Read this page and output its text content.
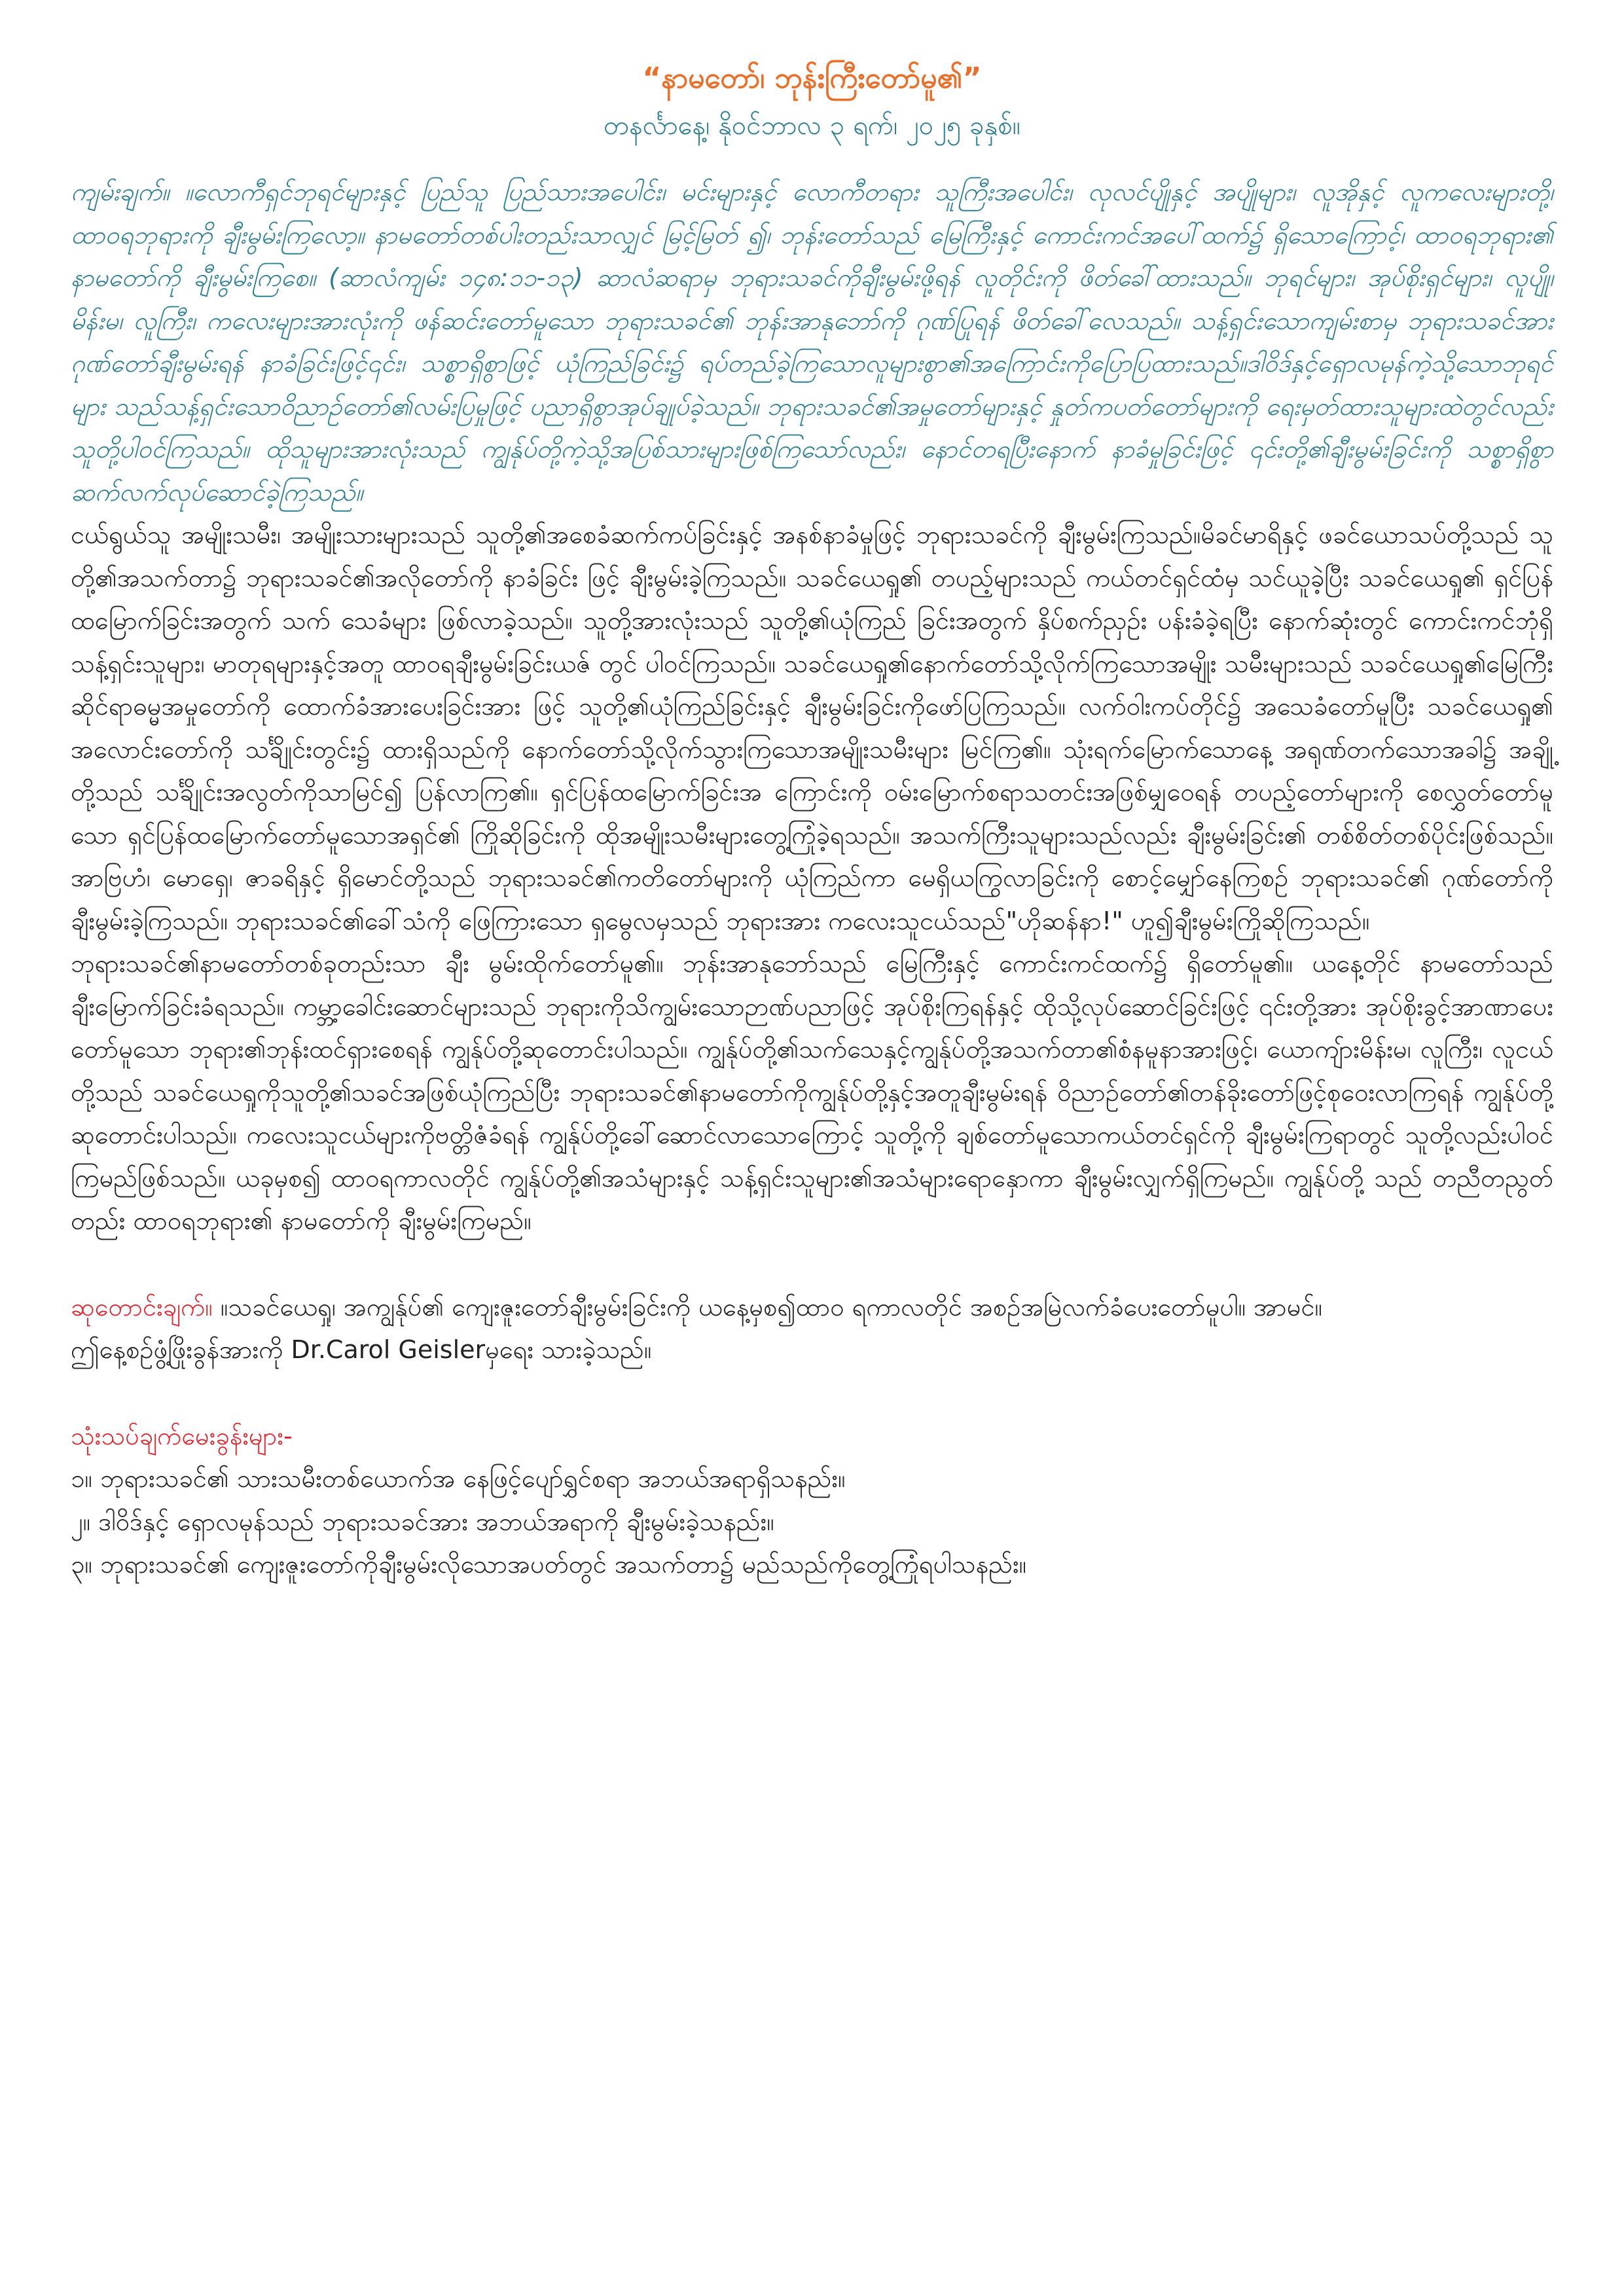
“နာမတော်၊ ဘုန်းကြီးတော်မူ၏”
တနင်္လာနေ့၊ နိုဝင်ဘာလ ၃ ရက်၊ ၂၀၂၅ ခုနှစ်။

ကျမ်းချက်။ ။လောကီရှင်ဘုရင်များနှင့် ပြည်သူ ပြည်သားအပေါင်း၊ မင်းများနှင့် လောကီတရား သူကြီးအပေါင်း၊ လုလင်ပျိုနှင့် အပျိုများ၊ လူအိုနှင့် လူကလေးများတို့၊ ထာဝရဘုရားကို ချီးမွမ်းကြလော့။ နာမတော်တစ်ပါးတည်းသာလျှင် မြင့်မြတ် ၍၊ ဘုန်းတော်သည် မြေကြီးနှင့် ကောင်းကင်အပေါ်ထက်၌ ရှိသောကြောင့်၊ ထာဝရဘုရား၏ နာမတော်ကို ချီးမွမ်းကြစေ။ (ဆာလံကျမ်း ၁၄၈:၁၁-၁၃) ဆာလံဆရာမှ ဘုရားသခင်ကိုချီးမွမ်းဖို့ရန် လူတိုင်းကို ဖိတ်ခေါ်ထားသည်။ ဘုရင်များ၊ အုပ်စိုးရှင်များ၊ လူပျို၊ မိန်းမ၊ လူကြီး၊ ကလေးများအားလုံးကို ဖန်ဆင်းတော်မူသော ဘုရားသခင်၏ ဘုန်းအာနုဘော်ကို ဂုဏ်ပြုရန် ဖိတ်ခေါ်လေသည်။ သန့်ရှင်းသောကျမ်းစာမှ ဘုရားသခင်အား ဂုဏ်တော်ချီးမွမ်းရန် နာခံခြင်းဖြင့်၎င်း၊ သစ္စာရှိစွာဖြင့် ယုံကြည်ခြင်း၌ ရပ်တည်ခဲ့ကြသောလူများစွာ၏အကြောင်းကိုပြောပြထားသည်။ဒါဝိဒ်နှင့်ရှောလမုန်ကဲ့သို့သောဘုရင်များ သည်သန့်ရှင်းသောဝိညာဉ်တော်၏လမ်းပြမှုဖြင့် ပညာရှိစွာအုပ်ချုပ်ခဲ့သည်။ ဘုရားသခင်၏အမှုတော်များနှင့် နှုတ်ကပတ်တော်များကို ရေးမှတ်ထားသူများထဲတွင်လည်းသူတို့ပါဝင်ကြသည်။ ထိုသူများအားလုံးသည် ကျွန်ုပ်တို့ကဲ့သို့အပြစ်သားများဖြစ်ကြသော်လည်း၊ နောင်တရပြီးနောက် နာခံမှုခြင်းဖြင့် ၎င်းတို့၏ချီးမွမ်းခြင်းကို သစ္စာရှိစွာ ဆက်လက်လုပ်ဆောင်ခဲ့ကြသည်။

ငယ်ရွယ်သူ အမျိုးသမီး၊ အမျိုးသားများသည် သူတို့၏အစေခံဆက်ကပ်ခြင်းနှင့် အနစ်နာခံမှုဖြင့် ဘုရားသခင်ကို ချီးမွမ်းကြသည်။မိခင်မာရိနှင့် ဖခင်ယောသပ်တို့သည် သူတို့၏အသက်တာ၌ ဘုရားသခင်၏အလိုတော်ကို နာခံခြင်း ဖြင့် ချီးမွမ်းခဲ့ကြသည်။ သခင်ယေရှု၏ တပည့်များသည် ကယ်တင်ရှင်ထံမှ သင်ယူခဲ့ပြီး သခင်ယေရှု၏ ရှင်ပြန်ထမြောက်ခြင်းအတွက် သက် သေခံများ ဖြစ်လာခဲ့သည်။ သူတို့အားလုံးသည် သူတို့၏ယုံကြည် ခြင်းအတွက် နှိပ်စက်ညှဉ်း ပန်းခံခဲ့ရပြီး နောက်ဆုံးတွင် ကောင်းကင်ဘုံရှိ သန့်ရှင်းသူများ၊ မာတုရများနှင့်အတူ ထာဝရချီးမွမ်းခြင်းယဇ် တွင် ပါဝင်ကြသည်။ သခင်ယေရှု၏နောက်တော်သို့လိုက်ကြသောအမျိုး သမီးများသည် သခင်ယေရှု၏မြေကြီးဆိုင်ရာဓမ္မအမှုတော်ကို ထောက်ခံအားပေးခြင်းအား ဖြင့် သူတို့၏ယုံကြည်ခြင်းနှင့် ချီးမွမ်းခြင်းကိုဖော်ပြကြသည်။ လက်ဝါးကပ်တိုင်၌ အသေခံတော်မူပြီး သခင်ယေရှု၏ အလောင်းတော်ကို သင်္ချိုင်းတွင်း၌ ထားရှိသည်ကို နောက်တော်သို့လိုက်သွားကြသောအမျိုးသမီးများ မြင်ကြ၏။ သုံးရက်မြောက်သောနေ့ အရုဏ်တက်သောအခါ၌ အချို့တို့သည် သင်္ချိုင်းအလွတ်ကိုသာမြင်၍ ပြန်လာကြ၏။ ရှင်ပြန်ထမြောက်ခြင်းအ ကြောင်းကို ဝမ်းမြောက်စရာသတင်းအဖြစ်မျှဝေရန် တပည့်တော်များကို စေလွှတ်တော်မူသော ရှင်ပြန်ထမြောက်တော်မူသောအရှင်၏ ကြိုဆိုခြင်းကို ထိုအမျိုးသမီးများတွေ့ကြုံခဲ့ရသည်။ အသက်ကြီးသူများသည်လည်း ချီးမွမ်းခြင်း၏ တစ်စိတ်တစ်ပိုင်းဖြစ်သည်။ အာဗြဟံ၊ မောရှေ၊ ဇာခရိနှင့် ရှိမောင်တို့သည် ဘုရားသခင်၏ကတိတော်များကို ယုံကြည်ကာ မေရှိယကြွလာခြင်းကို စောင့်မျှော်နေကြစဉ် ဘုရားသခင်၏ ဂုဏ်တော်ကိုချီးမွမ်းခဲ့ကြသည်။ ဘုရားသခင်၏ခေါ်သံကို ဖြေကြားသော ရှမွေလမှသည် ဘုရားအား ကလေးသူငယ်သည်"ဟိုဆန်နာ!" ဟူ၍ချီးမွမ်းကြိုဆိုကြသည်။

ဘုရားသခင်၏နာမတော်တစ်ခုတည်းသာ ချီး မွမ်းထိုက်တော်မူ၏။ ဘုန်းအာနုဘော်သည် မြေကြီးနှင့် ကောင်းကင်ထက်၌ ရှိတော်မူ၏။ ယနေ့တိုင် နာမတော်သည် ချီးမြောက်ခြင်းခံရသည်။ ကမ္ဘာ့ခေါင်းဆောင်များသည် ဘုရားကိုသိကျွမ်းသောဉာဏ်ပညာဖြင့် အုပ်စိုးကြရန်နှင့် ထိုသို့လုပ်ဆောင်ခြင်းဖြင့် ၎င်းတို့အား အုပ်စိုးခွင့်အာဏာပေးတော်မူသော ဘုရား၏ဘုန်းထင်ရှားစေရန် ကျွန်ုပ်တို့ဆုတောင်းပါသည်။ ကျွန်ုပ်တို့၏သက်သေနှင့်ကျွန်ုပ်တို့အသက်တာ၏စံနမူနာအားဖြင့်၊ ယောကျ်ားမိန်းမ၊ လူကြီး၊ လူငယ်တို့သည် သခင်ယေရှုကိုသူတို့၏သခင်အဖြစ်ယုံကြည်ပြီး ဘုရားသခင်၏နာမတော်ကိုကျွန်ုပ်တို့နှင့်အတူချီးမွမ်းရန် ဝိညာဉ်တော်၏တန်ခိုးတော်ဖြင့်စုဝေးလာကြရန် ကျွန်ုပ်တို့ဆုတောင်းပါသည်။ ကလေးသူငယ်များကိုဗတ္တိဇံခံရန် ကျွန်ုပ်တို့ခေါ်ဆောင်လာသောကြောင့် သူတို့ကို ချစ်တော်မူသောကယ်တင်ရှင်ကို ချီးမွမ်းကြရာတွင် သူတို့လည်းပါဝင်ကြမည်ဖြစ်သည်။ ယခုမှစ၍ ထာဝရကာလတိုင် ကျွန်ုပ်တို့၏အသံများနှင့် သန့်ရှင်းသူများ၏အသံများရောနှောကာ ချီးမွမ်းလျှက်ရှိကြမည်။ ကျွန်ုပ်တို့ သည် တညီတညွတ်တည်း ထာဝရဘုရား၏ နာမတော်ကို ချီးမွမ်းကြမည်။

ဆုတောင်းချက်။ ။သခင်ယေရှု၊ အကျွန်ုပ်၏ ကျေးဇူးတော်ချီးမွမ်းခြင်းကို ယနေ့မှစ၍ထာဝ ရကာလတိုင် အစဉ်အမြဲလက်ခံပေးတော်မူပါ။ အာမင်။

ဤနေ့စဉ်ဖွံ့ဖြိုးခွန်အားကို Dr.Carol Geislerမှရေး သားခဲ့သည်။

သုံးသပ်ချက်မေးခွန်းများ-

၁။ ဘုရားသခင်၏ သားသမီးတစ်ယောက်အ နေဖြင့်ပျော်ရွှင်စရာ အဘယ်အရာရှိသနည်း။

၂။ ဒါဝိဒ်နှင့် ရှောလမုန်သည် ဘုရားသခင်အား အဘယ်အရာကို ချီးမွမ်းခဲ့သနည်း။

၃။ ဘုရားသခင်၏ ကျေးဇူးတော်ကိုချီးမွမ်းလိုသောအပတ်တွင် အသက်တာ၌ မည်သည်ကိုတွေ့ကြုံရပါသနည်း။
